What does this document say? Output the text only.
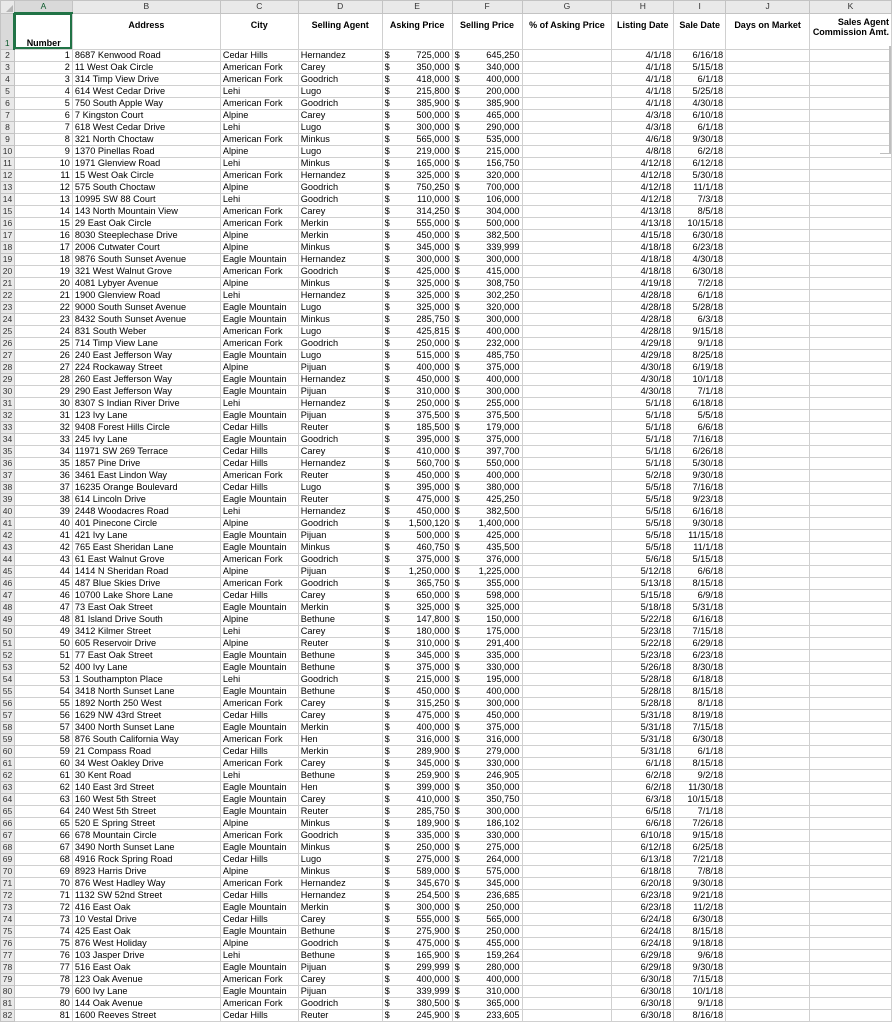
	A	B	C	D	E	F	G	H	I	J	K
1	Number	Address	City	Selling Agent	Asking Price	Selling Price	% of Asking Price	Listing Date	Sale Date	Days on Market	Sales Agent Commission Amt.
2	1	8687 Kenwood Road	Cedar Hills	Hernandez	$ 725,000	$ 645,250		4/1/18	6/16/18		
3	2	11 West Oak Circle	American Fork	Carey	$ 350,000	$ 340,000		4/1/18	5/15/18		
4	3	314 Timp View Drive	American Fork	Goodrich	$ 418,000	$ 400,000		4/1/18	6/1/18		
5	4	614 West Cedar Drive	Lehi	Lugo	$ 215,800	$ 200,000		4/1/18	5/25/18		
6	5	750 South Apple Way	American Fork	Goodrich	$ 385,900	$ 385,900		4/1/18	4/30/18		
7	6	7 Kingston Court	Alpine	Carey	$ 500,000	$ 465,000		4/3/18	6/10/18		
8	7	618 West Cedar Drive	Lehi	Lugo	$ 300,000	$ 290,000		4/3/18	6/1/18		
9	8	321 North Choctaw	American Fork	Minkus	$ 565,000	$ 535,000		4/6/18	9/30/18		
10	9	1370 Pinellas Road	Alpine	Lugo	$ 219,000	$ 215,000		4/8/18	6/2/18		
11	10	1971 Glenview Road	Lehi	Minkus	$ 165,000	$ 156,750		4/12/18	6/12/18		
12	11	15 West Oak Circle	American Fork	Hernandez	$ 325,000	$ 320,000		4/12/18	5/30/18		
13	12	575 South Choctaw	Alpine	Goodrich	$ 750,250	$ 700,000		4/12/18	11/1/18		
14	13	10995 SW 88 Court	Lehi	Goodrich	$ 110,000	$ 106,000		4/12/18	7/3/18		
15	14	143 North Mountain View	American Fork	Carey	$ 314,250	$ 304,000		4/13/18	8/5/18		
16	15	29 East Oak Circle	American Fork	Merkin	$ 555,000	$ 500,000		4/13/18	10/15/18		
17	16	8030 Steeplechase Drive	Alpine	Merkin	$ 450,000	$ 382,500		4/15/18	6/30/18		
18	17	2006 Cutwater Court	Alpine	Minkus	$ 345,000	$ 339,999		4/18/18	6/23/18		
19	18	9876 South Sunset Avenue	Eagle Mountain	Hernandez	$ 300,000	$ 300,000		4/18/18	4/30/18		
20	19	321 West Walnut Grove	American Fork	Goodrich	$ 425,000	$ 415,000		4/18/18	6/30/18		
21	20	4081 Lybyer Avenue	Alpine	Minkus	$ 325,000	$ 308,750		4/19/18	7/2/18		
22	21	1900 Glenview Road	Lehi	Hernandez	$ 325,000	$ 302,250		4/28/18	6/1/18		
23	22	9000 South Sunset Avenue	Eagle Mountain	Lugo	$ 325,000	$ 320,000		4/28/18	5/28/18		
24	23	8432 South Sunset Avenue	Eagle Mountain	Minkus	$ 285,750	$ 300,000		4/28/18	6/3/18		
25	24	831 South Weber	American Fork	Lugo	$ 425,815	$ 400,000		4/28/18	9/15/18		
26	25	714 Timp View Lane	American Fork	Goodrich	$ 250,000	$ 232,000		4/29/18	9/1/18		
27	26	240 East Jefferson Way	Eagle Mountain	Lugo	$ 515,000	$ 485,750		4/29/18	8/25/18		
28	27	224 Rockaway Street	Alpine	Pijuan	$ 400,000	$ 375,000		4/30/18	6/19/18		
29	28	260 East Jefferson Way	Eagle Mountain	Hernandez	$ 450,000	$ 400,000		4/30/18	10/1/18		
30	29	290 East Jefferson Way	Eagle Mountain	Pijuan	$ 310,000	$ 300,000		4/30/18	7/1/18		
31	30	8307 S Indian River Drive	Lehi	Hernandez	$ 250,000	$ 255,000		5/1/18	6/18/18		
32	31	123 Ivy Lane	Eagle Mountain	Pijuan	$ 375,500	$ 375,500		5/1/18	5/5/18		
33	32	9408 Forest Hills Circle	Cedar Hills	Reuter	$ 185,500	$ 179,000		5/1/18	6/6/18		
34	33	245 Ivy Lane	Eagle Mountain	Goodrich	$ 395,000	$ 375,000		5/1/18	7/16/18		
35	34	11971 SW 269 Terrace	Cedar Hills	Carey	$ 410,000	$ 397,700		5/1/18	6/26/18		
36	35	1857 Pine Drive	Cedar Hills	Hernandez	$ 560,700	$ 550,000		5/1/18	5/30/18		
37	36	3461 East Lindon Way	American Fork	Reuter	$ 450,000	$ 400,000		5/2/18	9/30/18		
38	37	16235 Orange Boulevard	Cedar Hills	Lugo	$ 395,000	$ 380,000		5/5/18	7/16/18		
39	38	614 Lincoln Drive	Eagle Mountain	Reuter	$ 475,000	$ 425,250		5/5/18	9/23/18		
40	39	2448 Woodacres Road	Lehi	Hernandez	$ 450,000	$ 382,500		5/5/18	6/16/18		
41	40	401 Pinecone Circle	Alpine	Goodrich	$ 1,500,120	$ 1,400,000		5/5/18	9/30/18		
42	41	421 Ivy Lane	Eagle Mountain	Pijuan	$ 500,000	$ 425,000		5/5/18	11/15/18		
43	42	765 East Sheridan Lane	Eagle Mountain	Minkus	$ 460,750	$ 435,500		5/5/18	11/1/18		
44	43	61 East Walnut Grove	American Fork	Goodrich	$ 375,000	$ 376,000		5/6/18	5/15/18		
45	44	1414 N Sheridan Road	Alpine	Pijuan	$ 1,250,000	$ 1,225,000		5/12/18	6/6/18		
46	45	487 Blue Skies Drive	American Fork	Goodrich	$ 365,750	$ 355,000		5/13/18	8/15/18		
47	46	10700 Lake Shore Lane	Cedar Hills	Carey	$ 650,000	$ 598,000		5/15/18	6/9/18		
48	47	73 East Oak Street	Eagle Mountain	Merkin	$ 325,000	$ 325,000		5/18/18	5/31/18		
49	48	81 Island Drive South	Alpine	Bethune	$ 147,800	$ 150,000		5/22/18	6/16/18		
50	49	3412 Kilmer Street	Lehi	Carey	$ 180,000	$ 175,000		5/23/18	7/15/18		
51	50	605 Reservoir Drive	Alpine	Reuter	$ 310,000	$ 291,400		5/22/18	6/29/18		
52	51	77 East Oak Street	Eagle Mountain	Bethune	$ 345,000	$ 335,000		5/23/18	6/23/18		
53	52	400 Ivy Lane	Eagle Mountain	Bethune	$ 375,000	$ 330,000		5/26/18	8/30/18		
54	53	1 Southampton Place	Lehi	Goodrich	$ 215,000	$ 195,000		5/28/18	6/18/18		
55	54	3418 North Sunset Lane	Eagle Mountain	Bethune	$ 450,000	$ 400,000		5/28/18	8/15/18		
56	55	1892 North 250 West	American Fork	Carey	$ 315,250	$ 300,000		5/28/18	8/1/18		
57	56	1629 NW 43rd Street	Cedar Hills	Carey	$ 475,000	$ 450,000		5/31/18	8/19/18		
58	57	3400 North Sunset Lane	Eagle Mountain	Merkin	$ 400,000	$ 375,000		5/31/18	7/15/18		
59	58	876 South California Way	American Fork	Hen	$ 316,000	$ 316,000		5/31/18	6/30/18		
60	59	21 Compass Road	Cedar Hills	Merkin	$ 289,900	$ 279,000		5/31/18	6/1/18		
61	60	34 West Oakley Drive	American Fork	Carey	$ 345,000	$ 330,000		6/1/18	8/15/18		
62	61	30 Kent Road	Lehi	Bethune	$ 259,900	$ 246,905		6/2/18	9/2/18		
63	62	140 East 3rd Street	Eagle Mountain	Hen	$ 399,000	$ 350,000		6/2/18	11/30/18		
64	63	160 West 5th Street	Eagle Mountain	Carey	$ 410,000	$ 350,750		6/3/18	10/15/18		
65	64	240 West 5th Street	Eagle Mountain	Reuter	$ 285,750	$ 300,000		6/5/18	7/1/18		
66	65	520 E Spring Street	Alpine	Minkus	$ 189,900	$ 186,102		6/6/18	7/26/18		
67	66	678 Mountain Circle	American Fork	Goodrich	$ 335,000	$ 330,000		6/10/18	9/15/18		
68	67	3490 North Sunset Lane	Eagle Mountain	Minkus	$ 250,000	$ 275,000		6/12/18	6/25/18		
69	68	4916 Rock Spring Road	Cedar Hills	Lugo	$ 275,000	$ 264,000		6/13/18	7/21/18		
70	69	8923 Harris Drive	Alpine	Minkus	$ 589,000	$ 575,000		6/18/18	7/8/18		
71	70	876 West Hadley Way	American Fork	Hernandez	$ 345,670	$ 345,000		6/20/18	9/30/18		
72	71	1132 SW 52nd Street	Cedar Hills	Hernandez	$ 254,500	$ 236,685		6/23/18	9/21/18		
73	72	416 East Oak	Eagle Mountain	Merkin	$ 300,000	$ 250,000		6/23/18	11/2/18		
74	73	10 Vestal Drive	Cedar Hills	Carey	$ 555,000	$ 565,000		6/24/18	6/30/18		
75	74	425 East Oak	Eagle Mountain	Bethune	$ 275,900	$ 250,000		6/24/18	8/15/18		
76	75	876 West Holiday	Alpine	Goodrich	$ 475,000	$ 455,000		6/24/18	9/18/18		
77	76	103 Jasper Drive	Lehi	Bethune	$ 165,900	$ 159,264		6/29/18	9/6/18		
78	77	516 East Oak	Eagle Mountain	Pijuan	$ 299,999	$ 280,000		6/29/18	9/30/18		
79	78	123 Oak Avenue	American Fork	Carey	$ 400,000	$ 400,000		6/30/18	7/15/18		
80	79	600 Ivy Lane	Eagle Mountain	Pijuan	$ 339,999	$ 310,000		6/30/18	10/1/18		
81	80	144 Oak Avenue	American Fork	Goodrich	$ 380,500	$ 365,000		6/30/18	9/1/18		
82	81	1600 Reeves Street	Cedar Hills	Reuter	$ 245,900	$ 233,605		6/30/18	8/16/18		
